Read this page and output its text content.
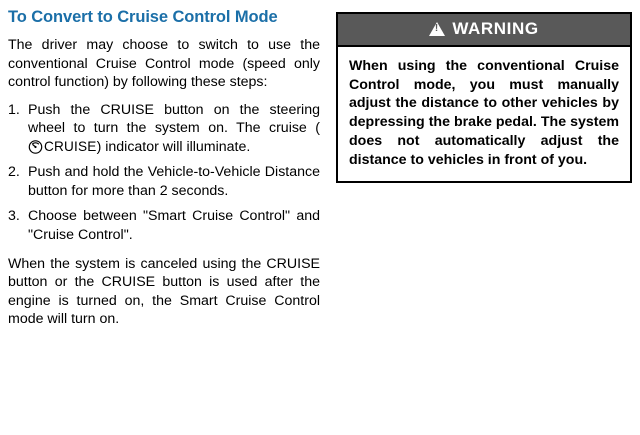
To Convert to Cruise Control Mode

The driver may choose to switch to use the conventional Cruise Control mode (speed only control function) by following these steps:

1. Push the CRUISE button on the steering wheel to turn the system on. The cruise (
CRUISE) indicator will illuminate.
2. Push and hold the Vehicle-to-Vehicle Distance button for more than 2 seconds.
3. Choose between "Smart Cruise Control" and "Cruise Control".

When the system is canceled using the CRUISE button or the CRUISE button is used after the engine is turned on, the Smart Cruise Control mode will turn on.

!
WARNING
When using the conventional Cruise Control mode, you must manually adjust the distance to other vehicles by depressing the brake pedal. The system does not automatically adjust the distance to vehicles in front of you.
